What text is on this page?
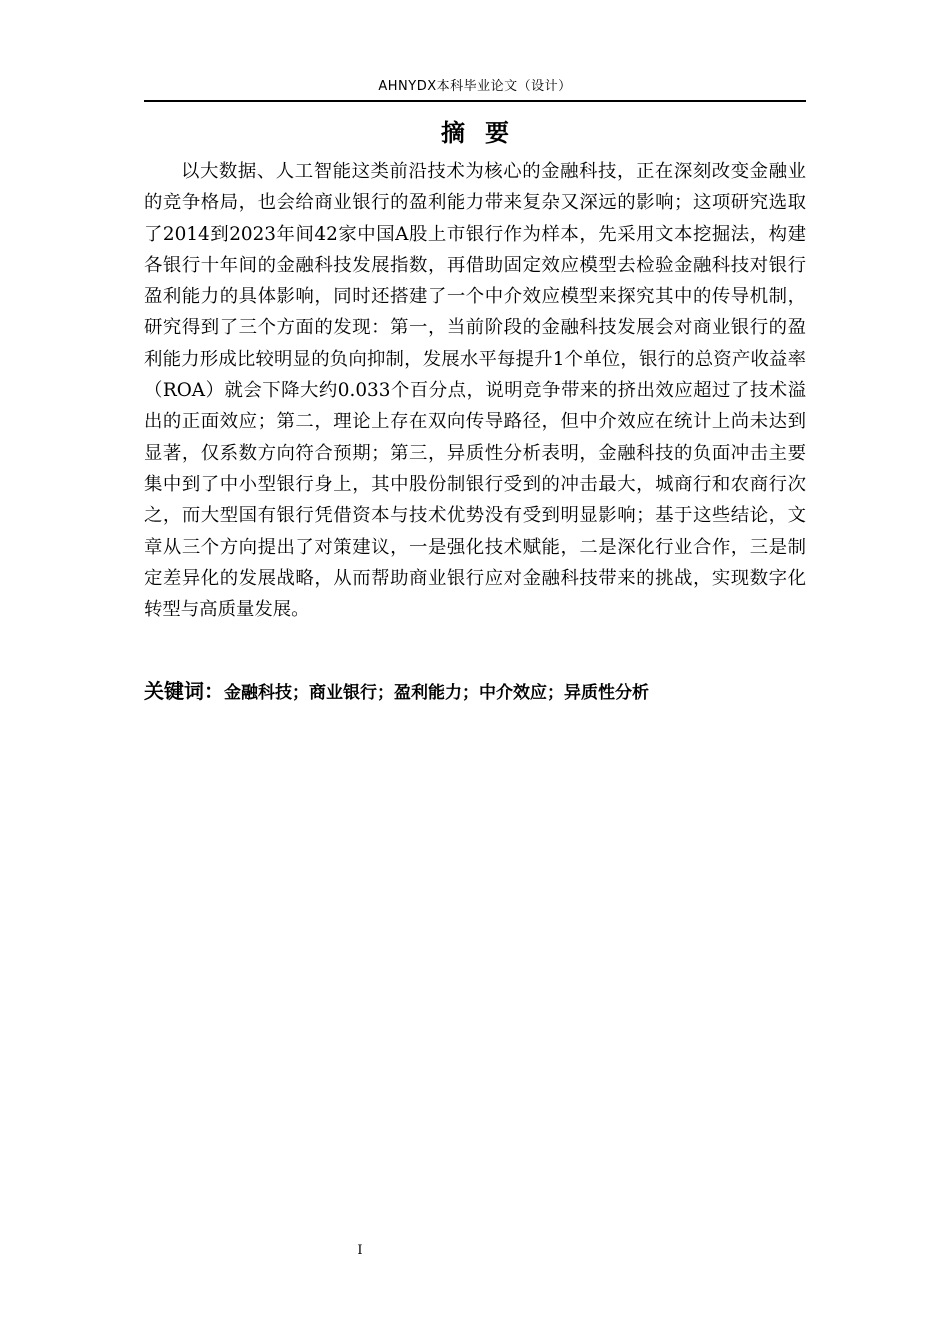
AHNYDX本科毕业论文（设计）
摘要

以大数据、人工智能这类前沿技术为核心的金融科技，正在深刻改变金融业的竞争格局，也会给商业银行的盈利能力带来复杂又深远的影响；这项研究选取了2014到2023年间42家中国A股上市银行作为样本，先采用文本挖掘法，构建各银行十年间的金融科技发展指数，再借助固定效应模型去检验金融科技对银行盈利能力的具体影响，同时还搭建了一个中介效应模型来探究其中的传导机制，研究得到了三个方面的发现：第一，当前阶段的金融科技发展会对商业银行的盈利能力形成比较明显的负向抑制，发展水平每提升1个单位，银行的总资产收益率（ROA）就会下降大约0.033个百分点，说明竞争带来的挤出效应超过了技术溢出的正面效应；第二，理论上存在双向传导路径，但中介效应在统计上尚未达到显著，仅系数方向符合预期；第三，异质性分析表明，金融科技的负面冲击主要集中到了中小型银行身上，其中股份制银行受到的冲击最大，城商行和农商行次之，而大型国有银行凭借资本与技术优势没有受到明显影响；基于这些结论，文章从三个方向提出了对策建议，一是强化技术赋能，二是深化行业合作，三是制定差异化的发展战略，从而帮助商业银行应对金融科技带来的挑战，实现数字化转型与高质量发展。

关键词：金融科技；商业银行；盈利能力；中介效应；异质性分析
I
